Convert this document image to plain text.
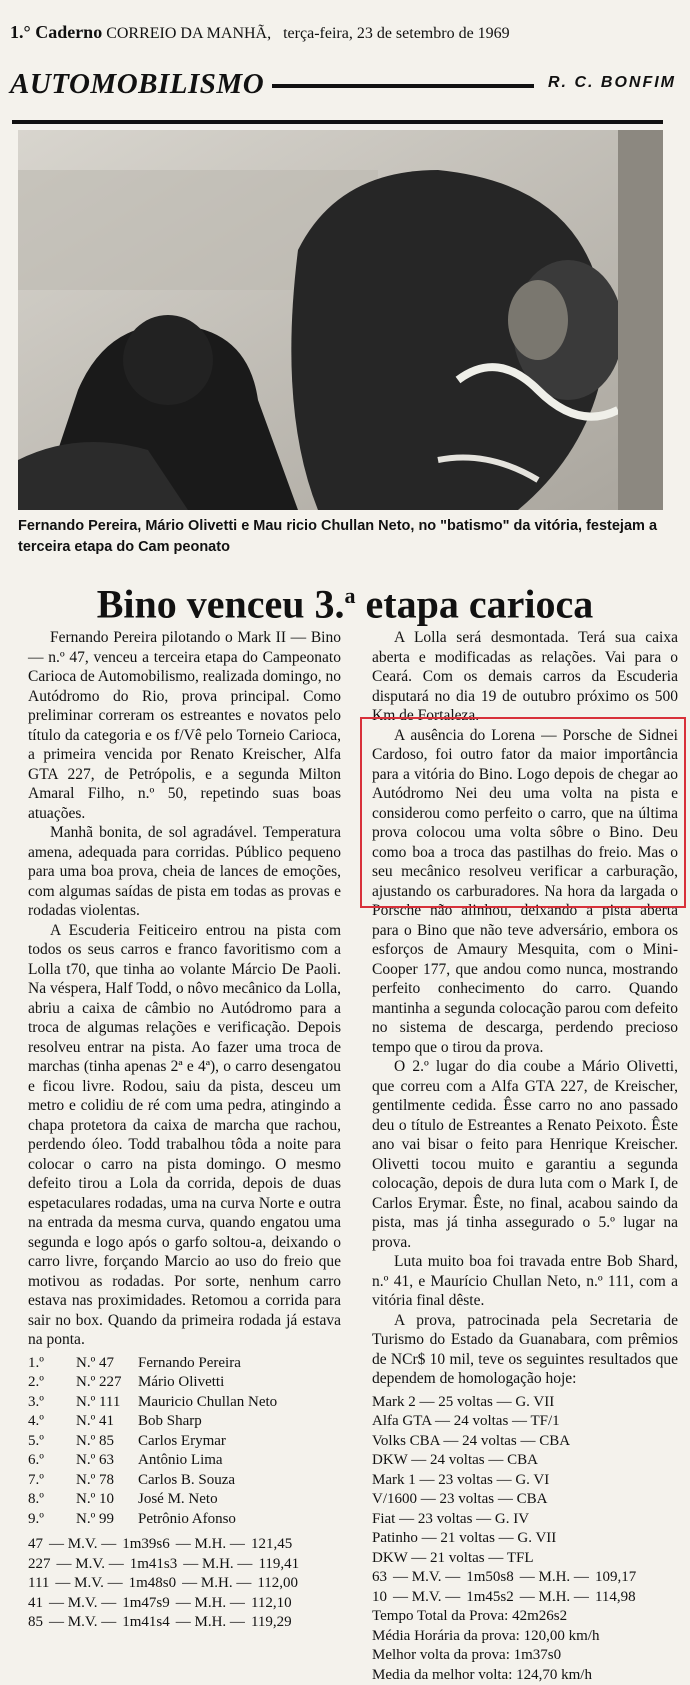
1.° Caderno CORREIO DA MANHÃ, terça-feira, 23 de setembro de 1969
AUTOMOBILISMO	R. C. BONFIM
Fernando Pereira, Mário Olivetti e Mau ricio Chullan Neto, no "batismo" da vitória, festejam a terceira etapa do Cam peonato
Bino venceu 3.$^a$ etapa carioca

Fernando Pereira pilotando o Mark II — Bino — n.º 47, venceu a terceira etapa do Campeonato Carioca de Automobilismo, realizada domingo, no Autódromo do Rio, prova principal. Como preliminar correram os estreantes e novatos pelo título da categoria e os f/Vê pelo Torneio Carioca, a primeira vencida por Renato Kreischer, Alfa GTA 227, de Petrópolis, e a segunda Milton Amaral Filho, n.º 50, repetindo suas boas atuações.

Manhã bonita, de sol agradável. Temperatura amena, adequada para corridas. Público pequeno para uma boa prova, cheia de lances de emoções, com algumas saídas de pista em todas as provas e rodadas violentas.

A Escuderia Feiticeiro entrou na pista com todos os seus carros e franco favoritismo com a Lolla t70, que tinha ao volante Márcio De Paoli. Na véspera, Half Todd, o nôvo mecânico da Lolla, abriu a caixa de câmbio no Autódromo para a troca de algumas relações e verificação. Depois resolveu entrar na pista. Ao fazer uma troca de marchas (tinha apenas 2ª e 4ª), o carro desengatou e ficou livre. Rodou, saiu da pista, desceu um metro e colidiu de ré com uma pedra, atingindo a chapa protetora da caixa de marcha que rachou, perdendo óleo. Todd trabalhou tôda a noite para colocar o carro na pista domingo. O mesmo defeito tirou a Lola da corrida, depois de duas espetaculares rodadas, uma na curva Norte e outra na entrada da mesma curva, quando engatou uma segunda e logo após o garfo soltou-a, deixando o carro livre, forçando Marcio ao uso do freio que motivou as rodadas. Por sorte, nenhum carro estava nas proximidades. Retomou a corrida para sair no box. Quando da primeira rodada já estava na ponta.

1.º	N.º 47	Fernando Pereira
2.º	N.º 227	Mário Olivetti
3.º	N.º 111	Mauricio Chullan Neto
4.º	N.º 41	Bob Sharp
5.º	N.º 85	Carlos Erymar
6.º	N.º 63	Antônio Lima
7.º	N.º 78	Carlos B. Souza
8.º	N.º 10	José M. Neto
9.º	N.º 99	Petrônio Afonso
47 — M.V. — 1m39s6 — M.H. — 121,45
227 — M.V. — 1m41s3 — M.H. — 119,41
111 — M.V. — 1m48s0 — M.H. — 112,00
41 — M.V. — 1m47s9 — M.H. — 112,10
85 — M.V. — 1m41s4 — M.H. — 119,29

A Lolla será desmontada. Terá sua caixa aberta e modificadas as relações. Vai para o Ceará. Com os demais carros da Escuderia disputará no dia 19 de outubro próximo os 500 Km de Fortaleza.

A ausência do Lorena — Porsche de Sidnei Cardoso, foi outro fator da maior importância para a vitória do Bino. Logo depois de chegar ao Autódromo Nei deu uma volta na pista e considerou como perfeito o carro, que na última prova colocou uma volta sôbre o Bino. Deu como boa a troca das pastilhas do freio. Mas o seu mecânico resolveu verificar a carburação, ajustando os carburadores. Na hora da largada o Porsche não alinhou, deixando a pista aberta para o Bino que não teve adversário, embora os esforços de Amaury Mesquita, com o Mini-Cooper 177, que andou como nunca, mostrando perfeito conhecimento do carro. Quando mantinha a segunda colocação parou com defeito no sistema de descarga, perdendo precioso tempo que o tirou da prova.

O 2.º lugar do dia coube a Mário Olivetti, que correu com a Alfa GTA 227, de Kreischer, gentilmente cedida. Êsse carro no ano passado deu o título de Estreantes a Renato Peixoto. Êste ano vai bisar o feito para Henrique Kreischer. Olivetti tocou muito e garantiu a segunda colocação, depois de dura luta com o Mark I, de Carlos Erymar. Êste, no final, acabou saindo da pista, mas já tinha assegurado o 5.º lugar na prova.

Luta muito boa foi travada entre Bob Shard, n.º 41, e Maurício Chullan Neto, n.º 111, com a vitória final dêste.

A prova, patrocinada pela Secretaria de Turismo do Estado da Guanabara, com prêmios de NCr$ 10 mil, teve os seguintes resultados que dependem de homologação hoje:

Mark 2 — 25 voltas — G. VII
Alfa GTA — 24 voltas — TF/1
Volks CBA — 24 voltas — CBA
DKW — 24 voltas — CBA
Mark 1 — 23 voltas — G. VI
V/1600 — 23 voltas — CBA
Fiat — 23 voltas — G. IV
Patinho — 21 voltas — G. VII
DKW — 21 voltas — TFL
63 — M.V. — 1m50s8 — M.H. — 109,17
10 — M.V. — 1m45s2 — M.H. — 114,98
Tempo Total da Prova: 42m26s2
Média Horária da prova: 120,00 km/h
Melhor volta da prova: 1m37s0
Media da melhor volta: 124,70 km/h
